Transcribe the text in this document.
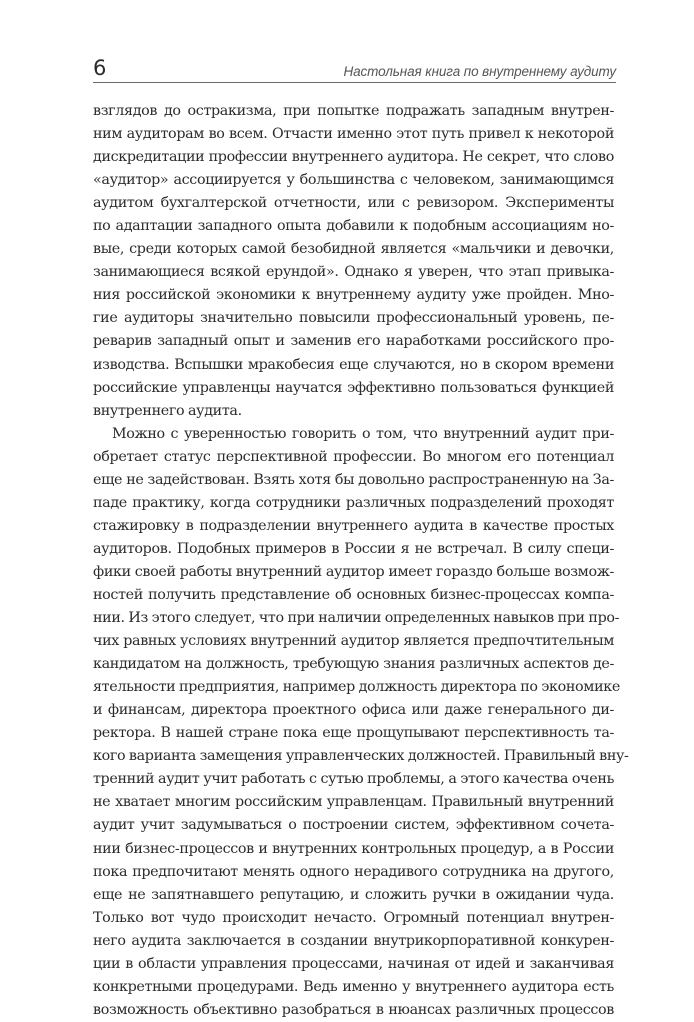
6	Настольная книга по внутреннему аудиту
взглядов до остракизма, при попытке подражать западным внутрен-
ним аудиторам во всем. Отчасти именно этот путь привел к некоторой
дискредитации профессии внутреннего аудитора. Не секрет, что слово
«аудитор» ассоциируется у большинства с человеком, занимающимся
аудитом бухгалтерской отчетности, или с ревизором. Эксперименты
по адаптации западного опыта добавили к подобным ассоциациям но-
вые, среди которых самой безобидной является «мальчики и девочки,
занимающиеся всякой ерундой». Однако я уверен, что этап привыка-
ния российской экономики к внутреннему аудиту уже пройден. Мно-
гие аудиторы значительно повысили профессиональный уровень, пе-
реварив западный опыт и заменив его наработками российского про-
изводства. Вспышки мракобесия еще случаются, но в скором времени
российские управленцы научатся эффективно пользоваться функцией
внутреннего аудита.
Можно с уверенностью говорить о том, что внутренний аудит при-
обретает статус перспективной профессии. Во многом его потенциал
еще не задействован. Взять хотя бы довольно распространенную на За-
паде практику, когда сотрудники различных подразделений проходят
стажировку в подразделении внутреннего аудита в качестве простых
аудиторов. Подобных примеров в России я не встречал. В силу специ-
фики своей работы внутренний аудитор имеет гораздо больше возмож-
ностей получить представление об основных бизнес-процессах компа-
нии. Из этого следует, что при наличии определенных навыков при про-
чих равных условиях внутренний аудитор является предпочтительным
кандидатом на должность, требующую знания различных аспектов де-
ятельности предприятия, например должность директора по экономике
и финансам, директора проектного офиса или даже генерального ди-
ректора. В нашей стране пока еще прощупывают перспективность та-
кого варианта замещения управленческих должностей. Правильный вну-
тренний аудит учит работать с сутью проблемы, а этого качества очень
не хватает многим российским управленцам. Правильный внутренний
аудит учит задумываться о построении систем, эффективном сочета-
нии бизнес-процессов и внутренних контрольных процедур, а в России
пока предпочитают менять одного нерадивого сотрудника на другого,
еще не запятнавшего репутацию, и сложить ручки в ожидании чуда.
Только вот чудо происходит нечасто. Огромный потенциал внутрен-
него аудита заключается в создании внутрикорпоративной конкурен-
ции в области управления процессами, начиная от идей и заканчивая
конкретными процедурами. Ведь именно у внутреннего аудитора есть
возможность объективно разобраться в нюансах различных процессов
